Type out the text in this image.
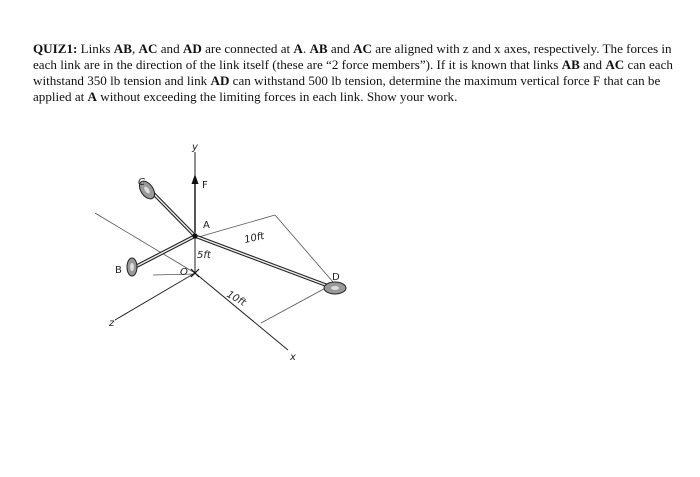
QUIZ1: Links AB, AC and AD are connected at A. AB and AC are aligned with z and x axes, respectively. The forces in each link are in the direction of the link itself (these are “2 force members”). If it is known that links AB and AC can each withstand 350 lb tension and link AD can withstand 500 lb tension, determine the maximum vertical force F that can be applied at A without exceeding the limiting forces in each link. Show your work.

y
F
A
C
B	O	D
5ft
10ft
10ft
x
z
